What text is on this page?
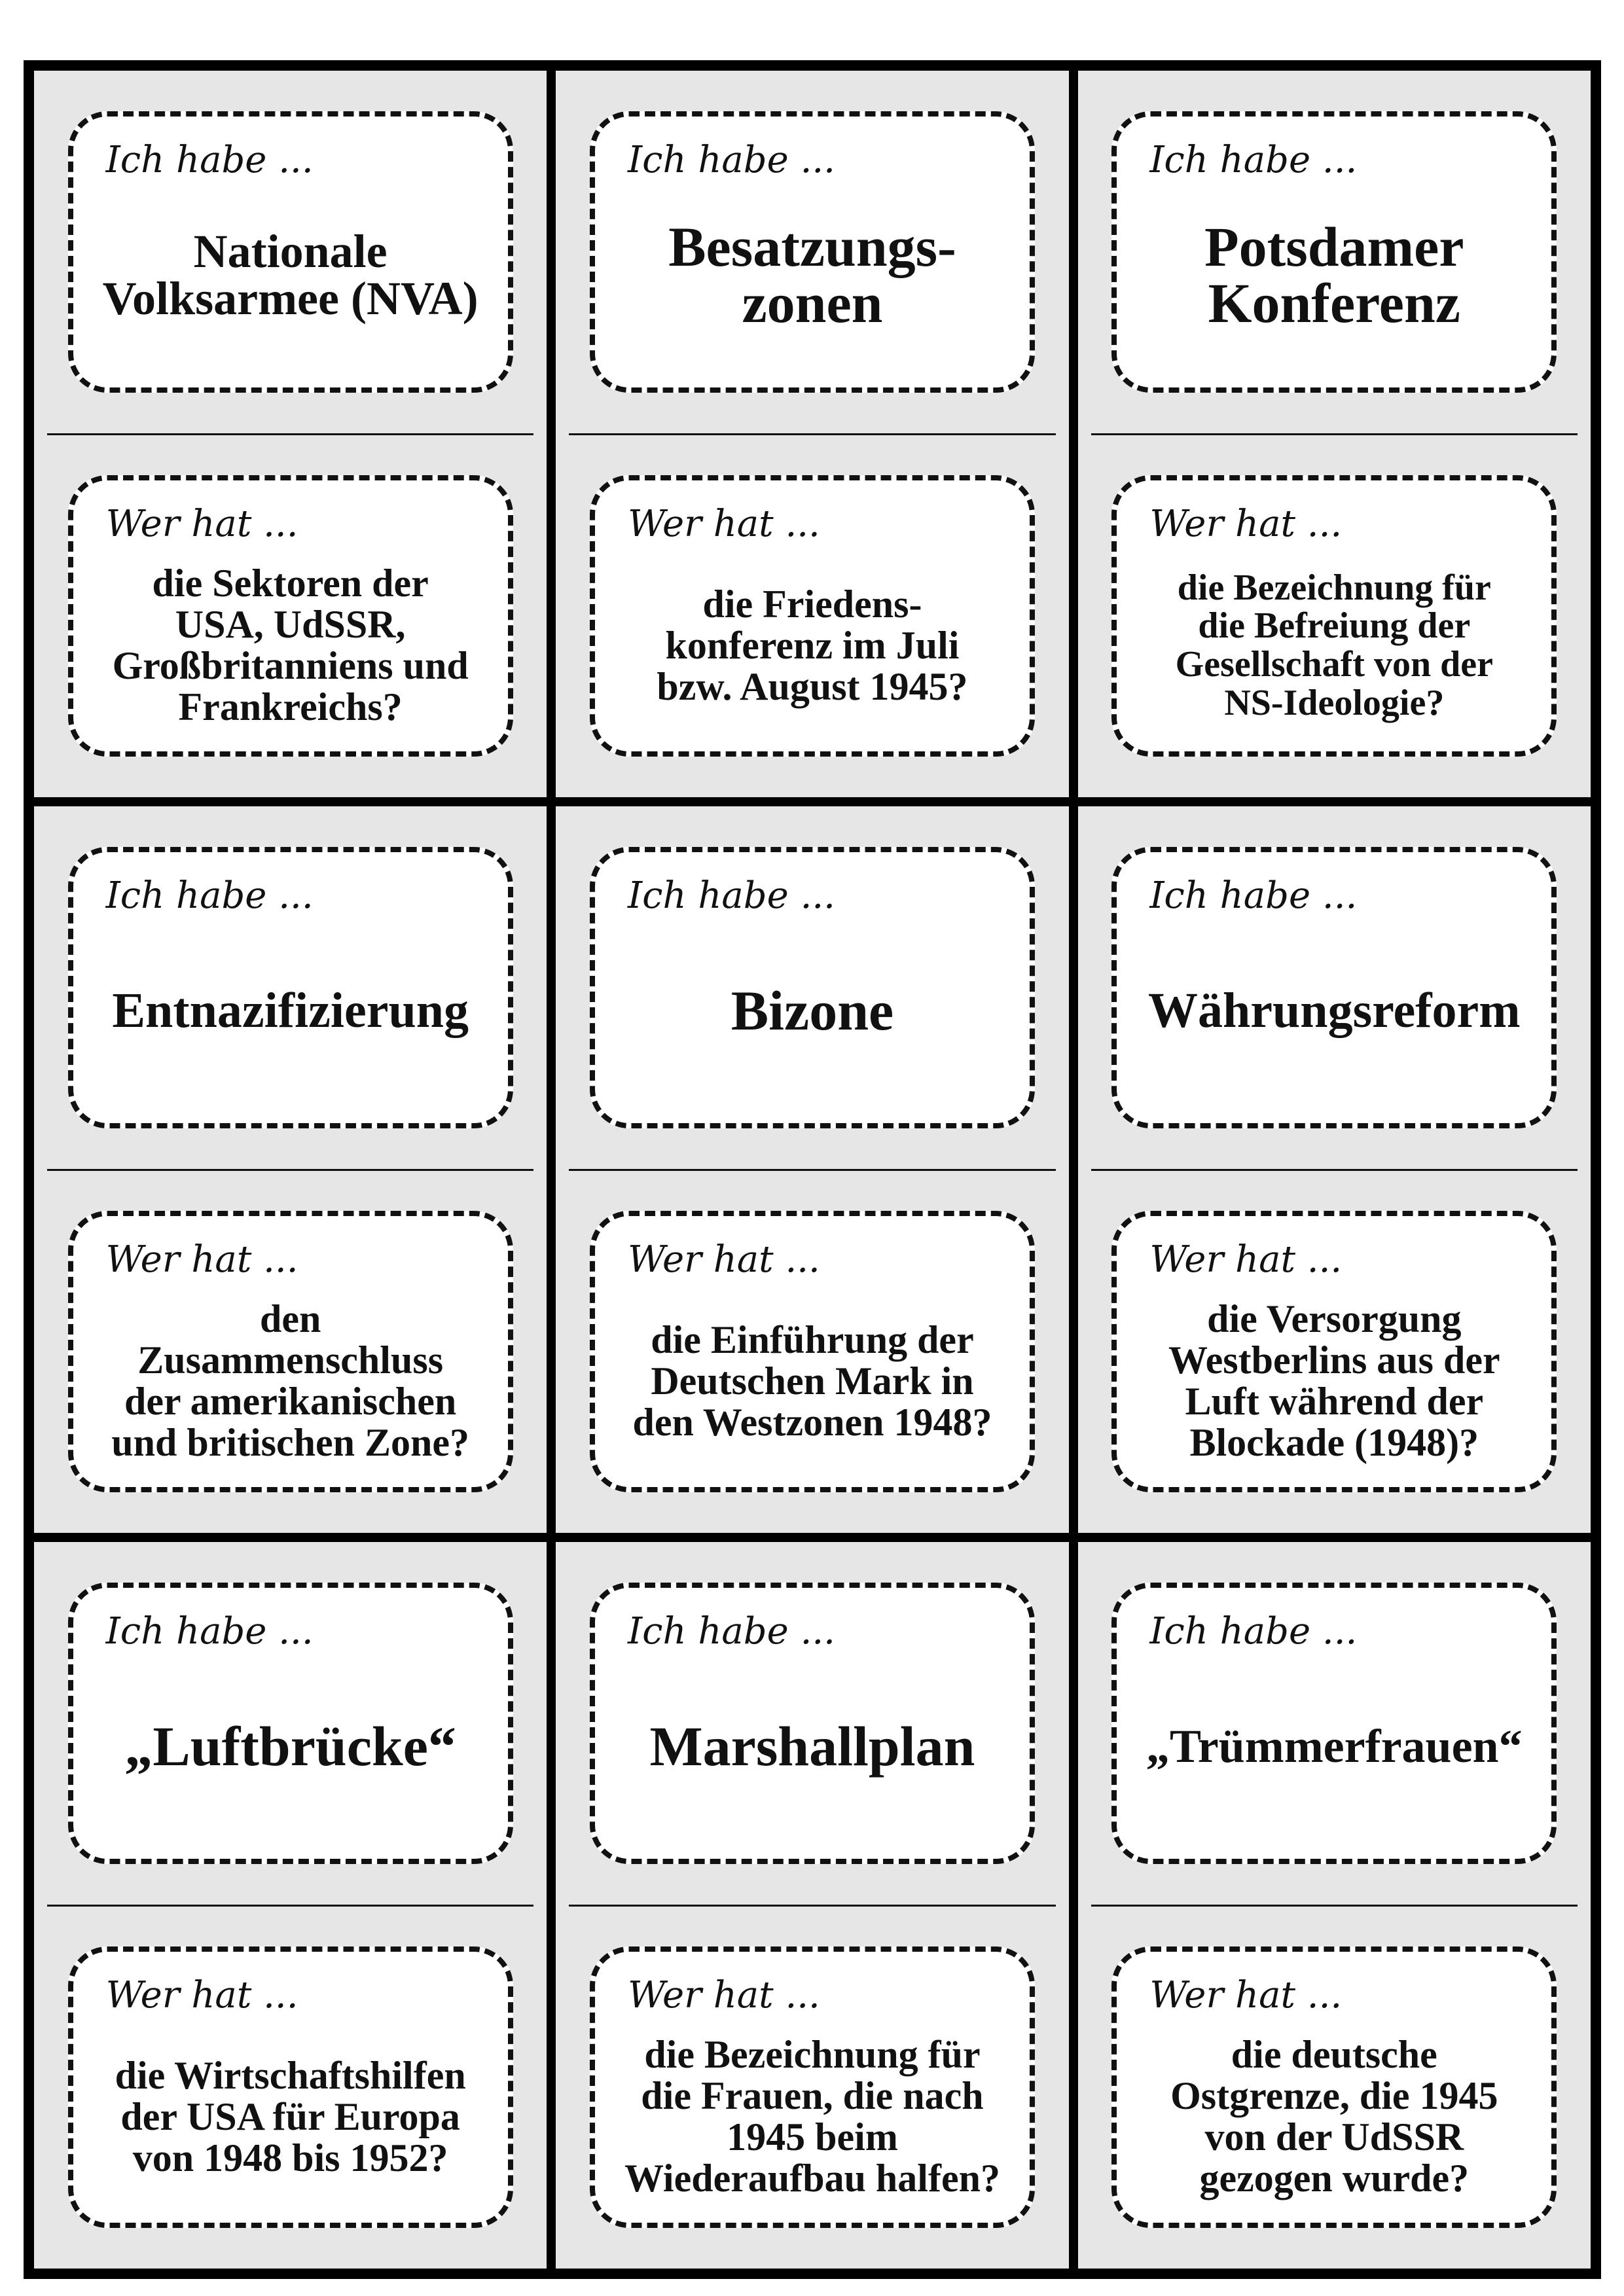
Ich habe ...
Nationale
Volksarmee (NVA)
Wer hat ...
die Sektoren der
USA, UdSSR,
Großbritanniens und
Frankreichs?
Ich habe ...
Besatzungs-
zonen
Wer hat ...
die Friedens-
konferenz im Juli
bzw. August 1945?
Ich habe ...
Potsdamer
Konferenz
Wer hat ...
die Bezeichnung für
die Befreiung der
Gesellschaft von der
NS-Ideologie?
Ich habe ...
Entnazifizierung
Wer hat ...
den
Zusammenschluss
der amerikanischen
und britischen Zone?
Ich habe ...
Bizone
Wer hat ...
die Einführung der
Deutschen Mark in
den Westzonen 1948?
Ich habe ...
Währungsreform
Wer hat ...
die Versorgung
Westberlins aus der
Luft während der
Blockade (1948)?
Ich habe ...
„Luftbrücke“
Wer hat ...
die Wirtschaftshilfen
der USA für Europa
von 1948 bis 1952?
Ich habe ...
Marshallplan
Wer hat ...
die Bezeichnung für
die Frauen, die nach
1945 beim
Wiederaufbau halfen?
Ich habe ...
„Trümmerfrauen“
Wer hat ...
die deutsche
Ostgrenze, die 1945
von der UdSSR
gezogen wurde?
